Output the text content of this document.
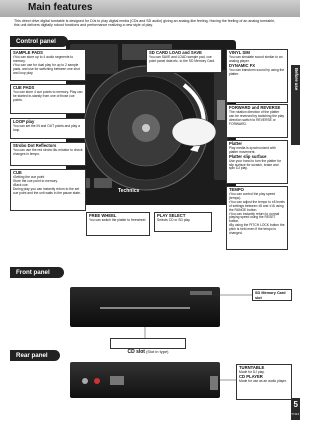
Main features
This direct drive digital turntable is designed for DJs to play digital media (CDs and SD audio) giving an analog-like feeling. Having the feeling of an analog turntable, this unit delivers digitally robust functions and performance realizing a new style of play.
Control panel
Before use
Technics
SAMPLE PADS
•You can store up to 4 audio segments to memory.
•You can use for dual play for up to 2 sample pads, and use for switching between one shot and loop play.
CUE PADS
You can store 4 cue points to memory. Play can be started in-stantly from one of those cue points.
LOOP play
You can set the IN and OUT points and play a loop.
Strobo Dot Reflectors
You can use the red strobo illu-minator to check changes in tempo.
CUE
•Setting the cue point
Store the cue point to memory.
•Back cue
During play you can instantly return to the set cue point and the unit waits in the pause state.
SD CARD LOAD and SAVE
You can SAVE and LOAD sample pad, cue point panel data etc. to the SD Memory Card.
VINYL SIM
You can simulate sound similar to an analog player.
DYNAMIC FX
You can transform sound by using the platter.
FORWARD and REVERSE
The rotation direction of the platter can be reversed by switching the play direction switch to REVERSE or FORWARD.
Platter
Play media is synchronized with platter movement.
Platter slip surface
Use your hand to turn the platter for slip surface for scratch, brake and spin DJ play.
TEMPO
•You can control the play speed (tempo).
•You can adjust the tempo to ±8 levels of settings between ±8 and ±16 using the RANGE button.
•You can instantly return to normal playing speed using the RESET button.
•By using the PITCH LOCK button the pitch is held even if the tempo is changed.
FREE WHEEL
You can switch the platter to freewheel.
PLAY SELECT
Selects CD or SD play.
Front panel
SD Memory Card slot
CD slot (Slot in type)
Rear panel
TURNTABLE
Mode for DJ play.
CD PLAYER
Mode for use as an audio player.
5
RQT7113
